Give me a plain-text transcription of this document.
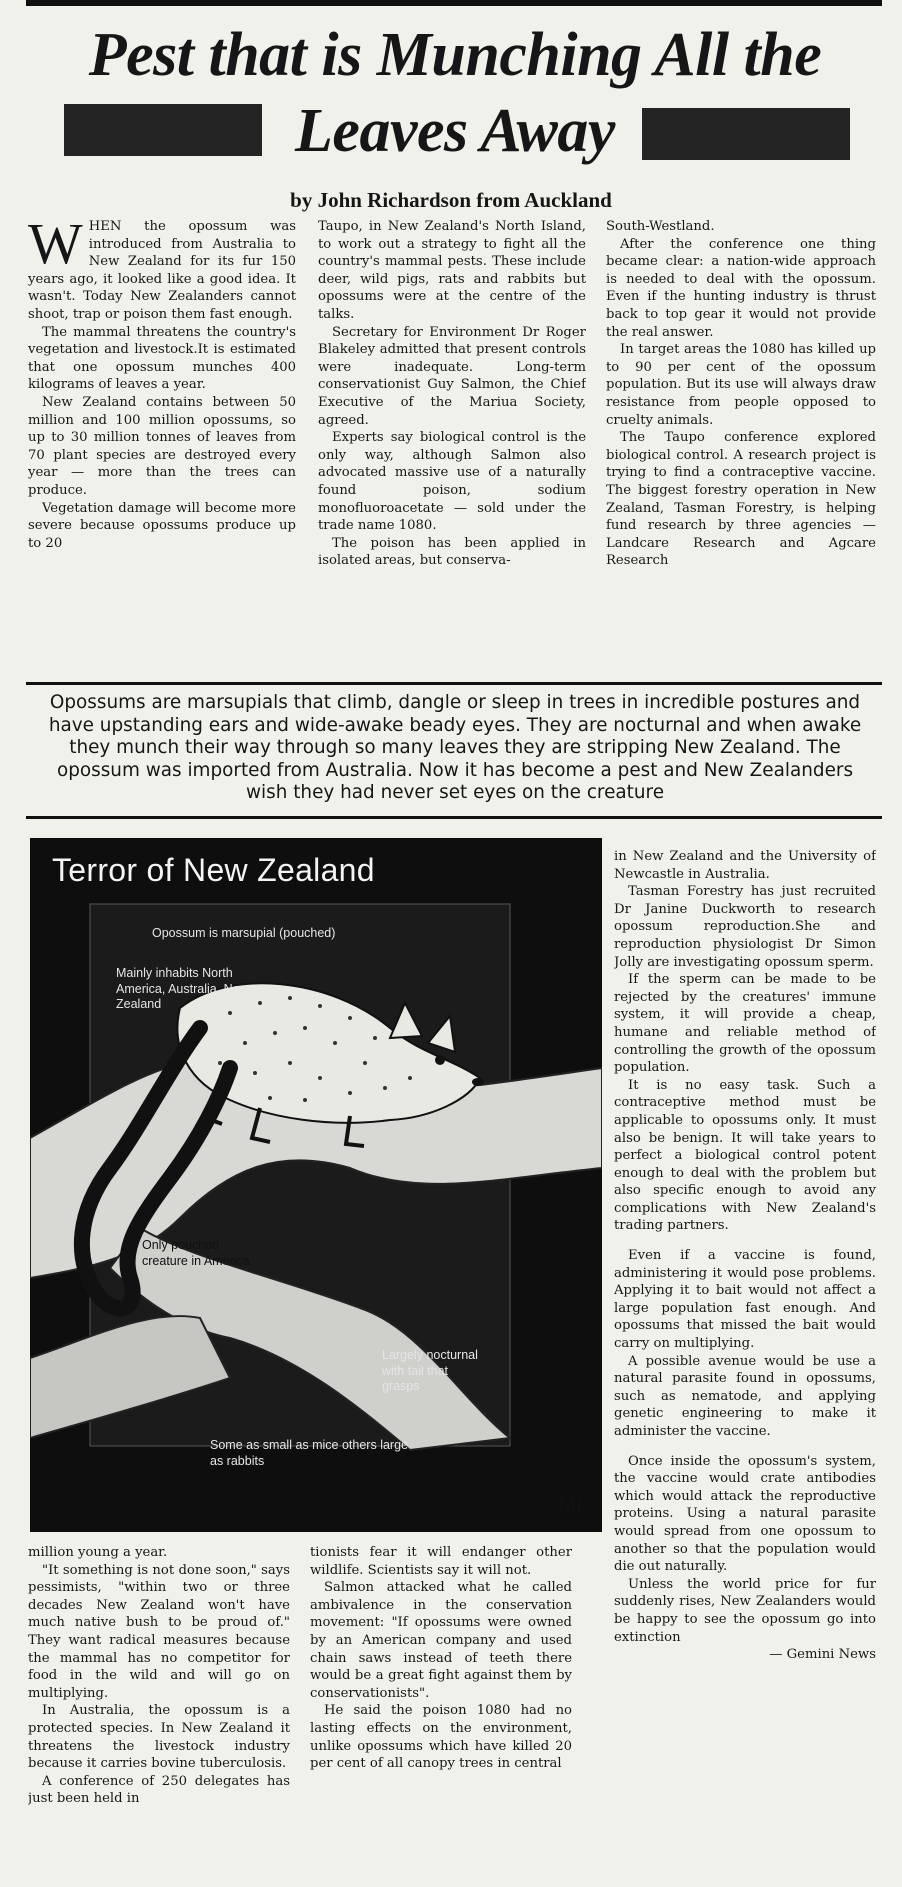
Pest that is Munching All the
Leaves Away
by John Richardson from Auckland

WHEN the opossum was introduced from Australia to New Zealand for its fur 150 years ago, it looked like a good idea. It wasn't. Today New Zealanders cannot shoot, trap or poison them fast enough.

The mammal threatens the country's vegetation and livestock.It is estimated that one opossum munches 400 kilograms of leaves a year.

New Zealand contains between 50 million and 100 million opossums, so up to 30 million tonnes of leaves from 70 plant species are destroyed every year — more than the trees can produce.

Vegetation damage will become more severe because opossums produce up to 20

Taupo, in New Zealand's North Island, to work out a strategy to fight all the country's mammal pests. These include deer, wild pigs, rats and rabbits but opossums were at the centre of the talks.

Secretary for Environment Dr Roger Blakeley admitted that present controls were inadequate. Long-term conservationist Guy Salmon, the Chief Executive of the Mariua Society, agreed.

Experts say biological control is the only way, although Salmon also advocated massive use of a naturally found poison, sodium monofluoroacetate — sold under the trade name 1080.

The poison has been applied in isolated areas, but conserva-

South-Westland.

After the conference one thing became clear: a nation-wide approach is needed to deal with the opossum. Even if the hunting industry is thrust back to top gear it would not provide the real answer.

In target areas the 1080 has killed up to 90 per cent of the opossum population. But its use will always draw resistance from people opposed to cruelty animals.

The Taupo conference explored biological control. A research project is trying to find a contraceptive vaccine. The biggest forestry operation in New Zealand, Tasman Forestry, is helping fund research by three agencies — Landcare Research and Agcare Research

Opossums are marsupials that climb, dangle or sleep in trees in incredible postures and have upstanding ears and wide-awake beady eyes. They are nocturnal and when awake they munch their way through so many leaves they are stripping New Zealand. The opossum was imported from Australia. Now it has become a pest and New Zealanders wish they had never set eyes on the creature
Terror of New Zealand
Opossum is marsupial (pouched)
Mainly inhabits North America, Australia, New Zealand
Only pouched creature in America
Largely nocturnal with tail that grasps
Some as small as mice others large as rabbits
Mi

in New Zealand and the University of Newcastle in Australia.

Tasman Forestry has just recruited Dr Janine Duckworth to research opossum reproduction.She and reproduction physiologist Dr Simon Jolly are investigating opossum sperm.

If the sperm can be made to be rejected by the creatures' immune system, it will provide a cheap, humane and reliable method of controlling the growth of the opossum population.

It is no easy task. Such a contraceptive method must be applicable to opossums only. It must also be benign. It will take years to perfect a biological control potent enough to deal with the problem but also specific enough to avoid any complications with New Zealand's trading partners.

Even if a vaccine is found, administering it would pose problems. Applying it to bait would not affect a large population fast enough. And opossums that missed the bait would carry on multiplying.

A possible avenue would be use a natural parasite found in opossums, such as nematode, and applying genetic engineering to make it administer the vaccine.

Once inside the opossum's system, the vaccine would crate antibodies which would attack the reproductive proteins. Using a natural parasite would spread from one opossum to another so that the population would die out naturally.

Unless the world price for fur suddenly rises, New Zealanders would be happy to see the opossum go into extinction

— Gemini News

million young a year.

"It something is not done soon," says pessimists, "within two or three decades New Zealand won't have much native bush to be proud of." They want radical measures because the mammal has no competitor for food in the wild and will go on multiplying.

In Australia, the opossum is a protected species. In New Zealand it threatens the livestock industry because it carries bovine tuberculosis.

A conference of 250 delegates has just been held in

tionists fear it will endanger other wildlife. Scientists say it will not.

Salmon attacked what he called ambivalence in the conservation movement: "If opossums were owned by an American company and used chain saws instead of teeth there would be a great fight against them by conservationists".

He said the poison 1080 had no lasting effects on the environment, unlike opossums which have killed 20 per cent of all canopy trees in central
